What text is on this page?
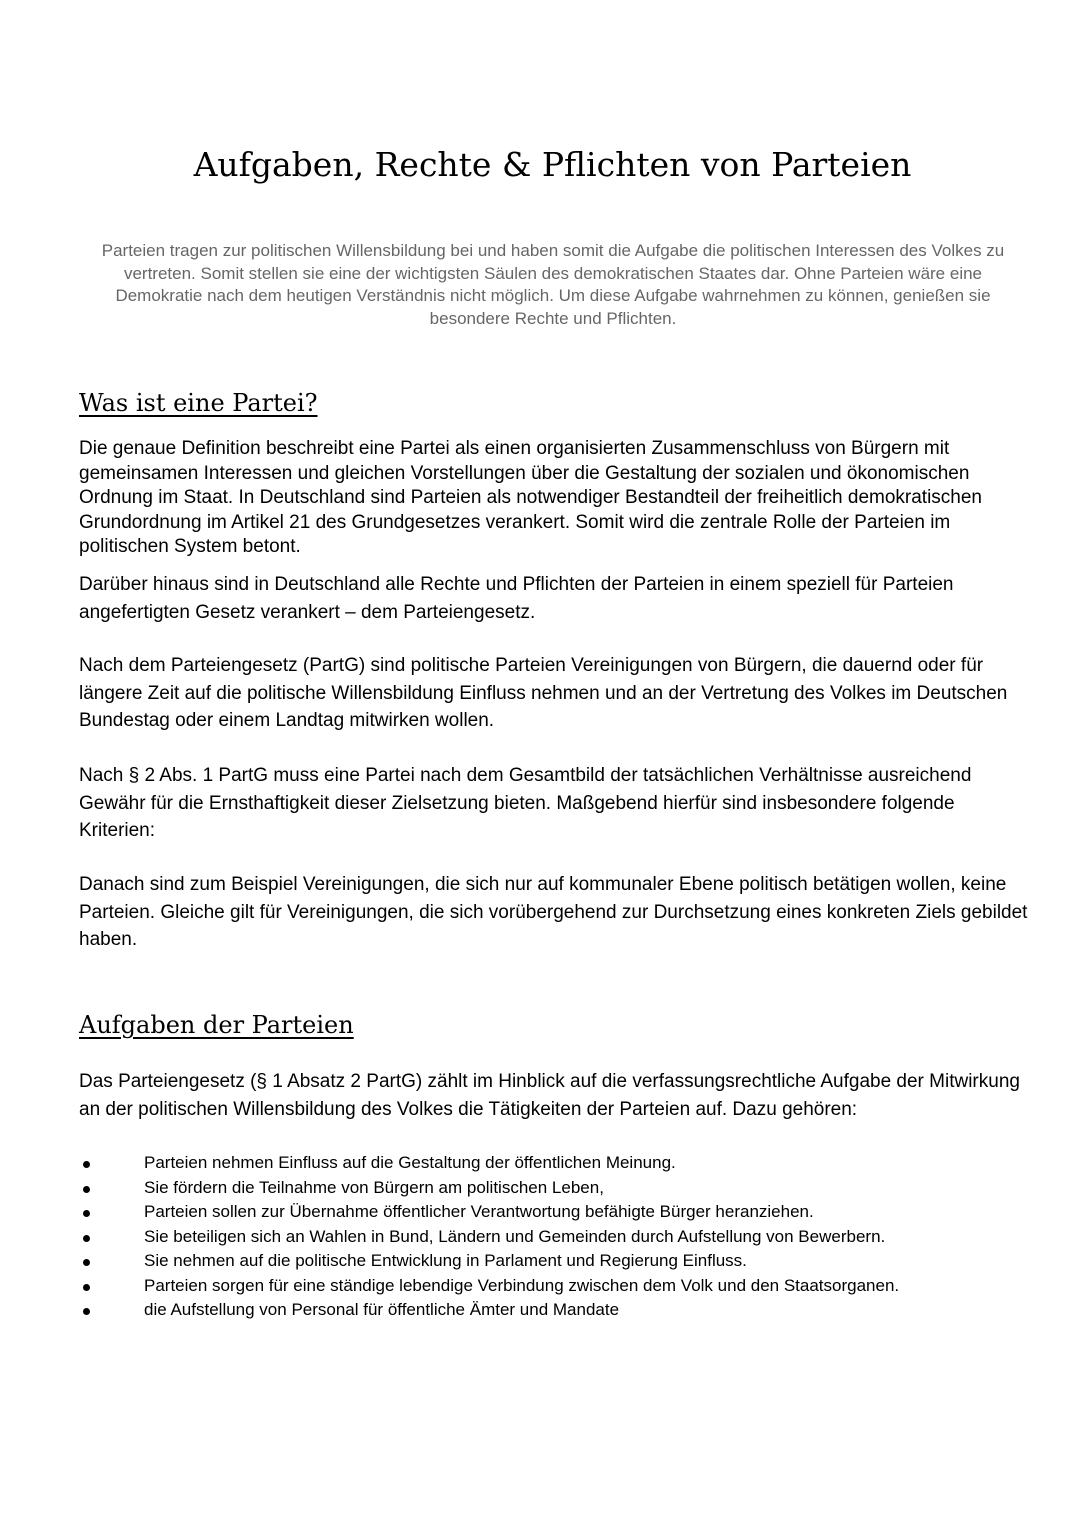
Aufgaben, Rechte & Pflichten von Parteien

Parteien tragen zur politischen Willensbildung bei und haben somit die Aufgabe die politischen Interessen des Volkes zu vertreten. Somit stellen sie eine der wichtigsten Säulen des demokratischen Staates dar. Ohne Parteien wäre eine Demokratie nach dem heutigen Verständnis nicht möglich. Um diese Aufgabe wahrnehmen zu können, genießen sie besondere Rechte und Pflichten.

Was ist eine Partei?

Die genaue Definition beschreibt eine Partei als einen organisierten Zusammenschluss von Bürgern mit gemeinsamen Interessen und gleichen Vorstellungen über die Gestaltung der sozialen und ökonomischen Ordnung im Staat. In Deutschland sind Parteien als notwendiger Bestandteil der freiheitlich demokratischen Grundordnung im Artikel 21 des Grundgesetzes verankert. Somit wird die zentrale Rolle der Parteien im politischen System betont.

Darüber hinaus sind in Deutschland alle Rechte und Pflichten der Parteien in einem speziell für Parteien angefertigten Gesetz verankert – dem Parteiengesetz.

Nach dem Parteiengesetz (PartG) sind politische Parteien Vereinigungen von Bürgern, die dauernd oder für längere Zeit auf die politische Willensbildung Einfluss nehmen und an der Vertretung des Volkes im Deutschen Bundestag oder einem Landtag mitwirken wollen.

Nach § 2 Abs. 1 PartG muss eine Partei nach dem Gesamtbild der tatsächlichen Verhältnisse ausreichend Gewähr für die Ernsthaftigkeit dieser Zielsetzung bieten. Maßgebend hierfür sind insbesondere folgende Kriterien:

Danach sind zum Beispiel Vereinigungen, die sich nur auf kommunaler Ebene politisch betätigen wollen, keine Parteien. Gleiche gilt für Vereinigungen, die sich vorübergehend zur Durchsetzung eines konkreten Ziels gebildet haben.

Aufgaben der Parteien

Das Parteiengesetz (§ 1 Absatz 2 PartG) zählt im Hinblick auf die verfassungsrechtliche Aufgabe der Mitwirkung an der politischen Willensbildung des Volkes die Tätigkeiten der Parteien auf. Dazu gehören:

Parteien nehmen Einfluss auf die Gestaltung der öffentlichen Meinung.
Sie fördern die Teilnahme von Bürgern am politischen Leben,
Parteien sollen zur Übernahme öffentlicher Verantwortung befähigte Bürger heranziehen.
Sie beteiligen sich an Wahlen in Bund, Ländern und Gemeinden durch Aufstellung von Bewerbern.
Sie nehmen auf die politische Entwicklung in Parlament und Regierung Einfluss.
Parteien sorgen für eine ständige lebendige Verbindung zwischen dem Volk und den Staatsorganen.
die Aufstellung von Personal für öffentliche Ämter und Mandate
